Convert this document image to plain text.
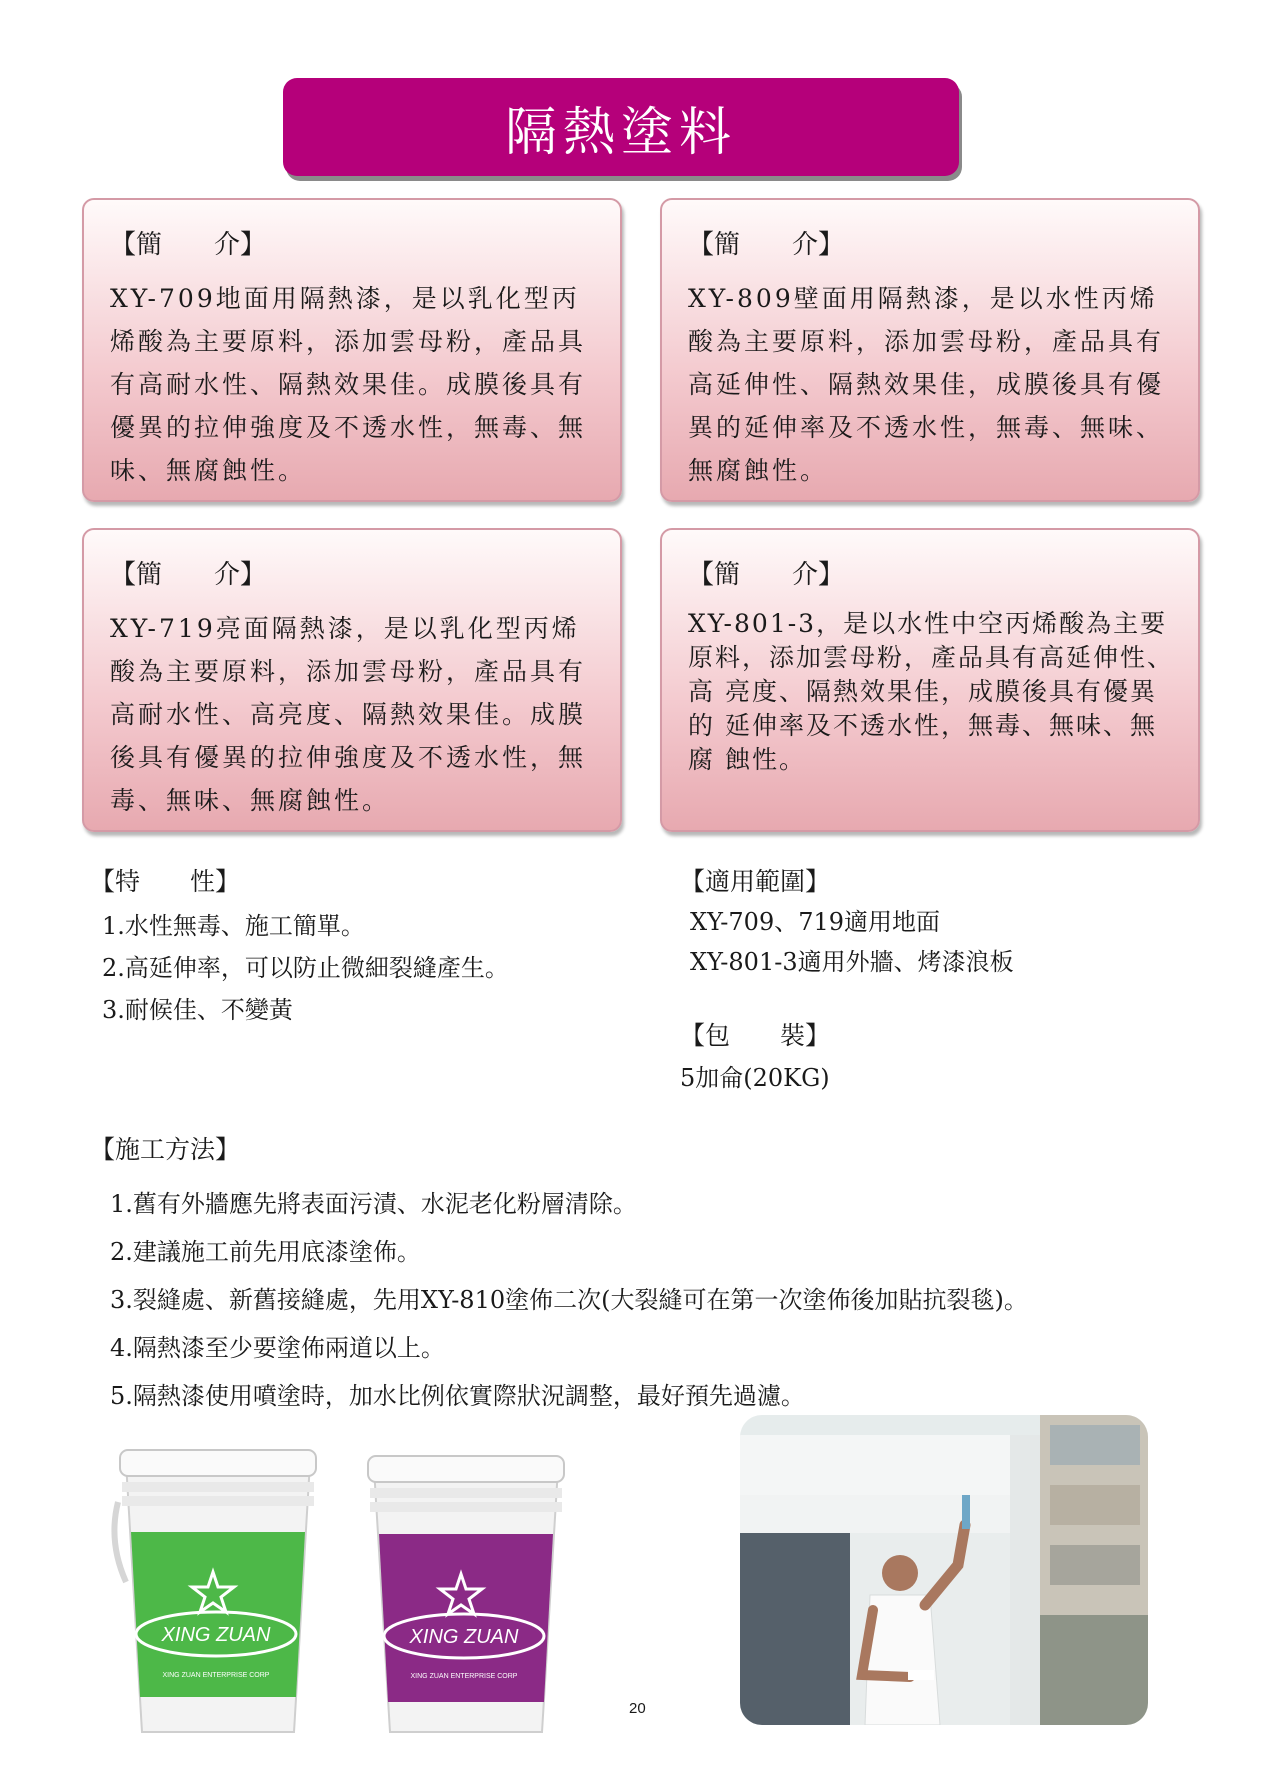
隔熱塗料
【簡　　介】

XY-709地面用隔熱漆，是以乳化型丙烯酸為主要原料，添加雲母粉，產品具有高耐水性、隔熱效果佳。成膜後具有優異的拉伸強度及不透水性，無毒、無味、無腐蝕性。

【簡　　介】

XY-809壁面用隔熱漆，是以水性丙烯酸為主要原料，添加雲母粉，產品具有高延伸性、隔熱效果佳，成膜後具有優異的延伸率及不透水性，無毒、無味、無腐蝕性。

【簡　　介】

XY-719亮面隔熱漆，是以乳化型丙烯酸為主要原料，添加雲母粉，產品具有高耐水性、高亮度、隔熱效果佳。成膜後具有優異的拉伸強度及不透水性，無毒、無味、無腐蝕性。

【簡　　介】

XY-801-3，是以水性中空丙烯酸為主要原料，添加雲母粉，產品具有高延伸性、高 亮度、隔熱效果佳，成膜後具有優異的 延伸率及不透水性，無毒、無味、無腐 蝕性。

【特　　性】
1.水性無毒、施工簡單。
2.高延伸率，可以防止微細裂縫產生。
3.耐候佳、不變黃
【適用範圍】
XY-709、719適用地面
XY-801-3適用外牆、烤漆浪板
【包　　裝】
5加侖(20KG)
【施工方法】
1.舊有外牆應先將表面污漬、水泥老化粉層清除。
2.建議施工前先用底漆塗佈。
3.裂縫處、新舊接縫處，先用XY-810塗佈二次(大裂縫可在第一次塗佈後加貼抗裂毯)。
4.隔熱漆至少要塗佈兩道以上。
5.隔熱漆使用噴塗時，加水比例依實際狀況調整，最好預先過濾。
XING ZUAN
XING ZUAN ENTERPRISE CORP
XING ZUAN
XING ZUAN ENTERPRISE CORP
20
